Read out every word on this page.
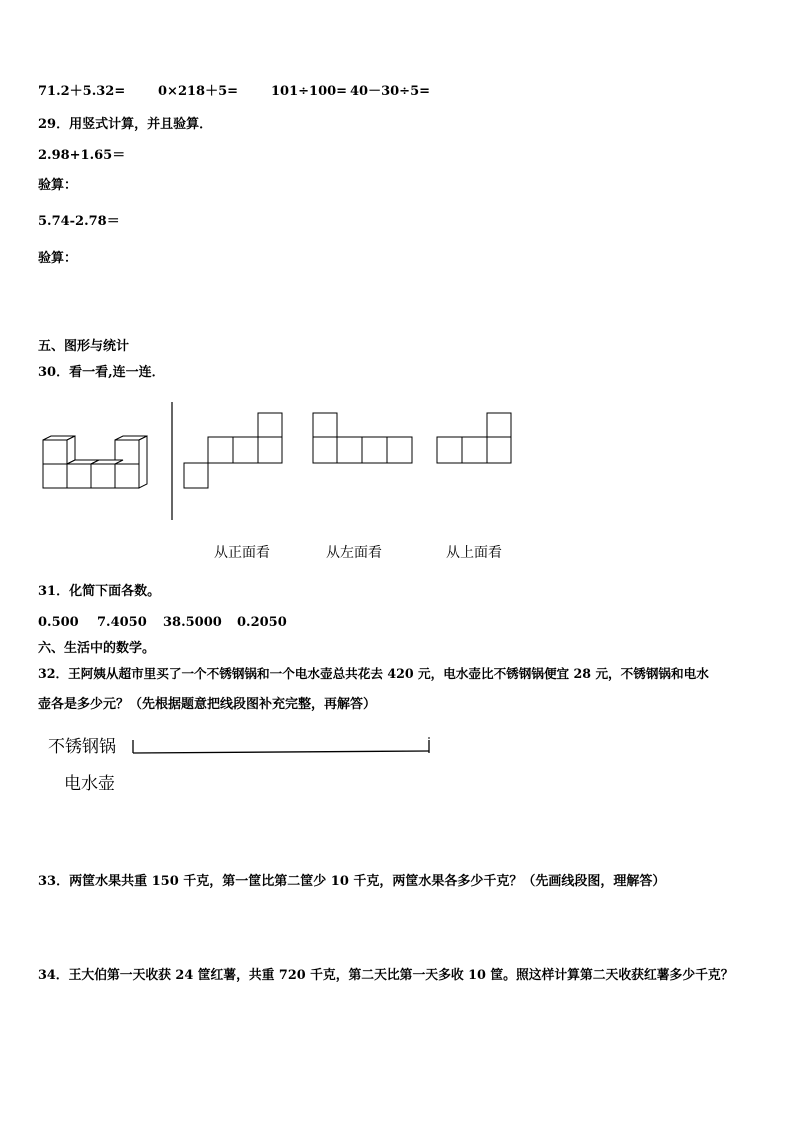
71.2＋5.32=	0×218＋5=	101÷100= 40－30÷5=
29．用竖式计算，并且验算．
2.98+1.65＝
验算：
5.74-2.78＝
验算：
五、图形与统计
30．看一看,连一连．
从正面看	从左面看	从上面看
31．化简下面各数。
0.500 7.4050 38.5000 0.2050
六、生活中的数学。
32．王阿姨从超市里买了一个不锈钢锅和一个电水壶总共花去 420 元，电水壶比不锈钢锅便宜 28 元，不锈钢锅和电水
壶各是多少元？（先根据题意把线段图补充完整，再解答）
不锈钢锅
电水壶
33．两筐水果共重 150 千克，第一筐比第二筐少 10 千克，两筐水果各多少千克？（先画线段图，理解答）
34．王大伯第一天收获 24 筐红薯，共重 720 千克，第二天比第一天多收 10 筐。照这样计算第二天收获红薯多少千克？
